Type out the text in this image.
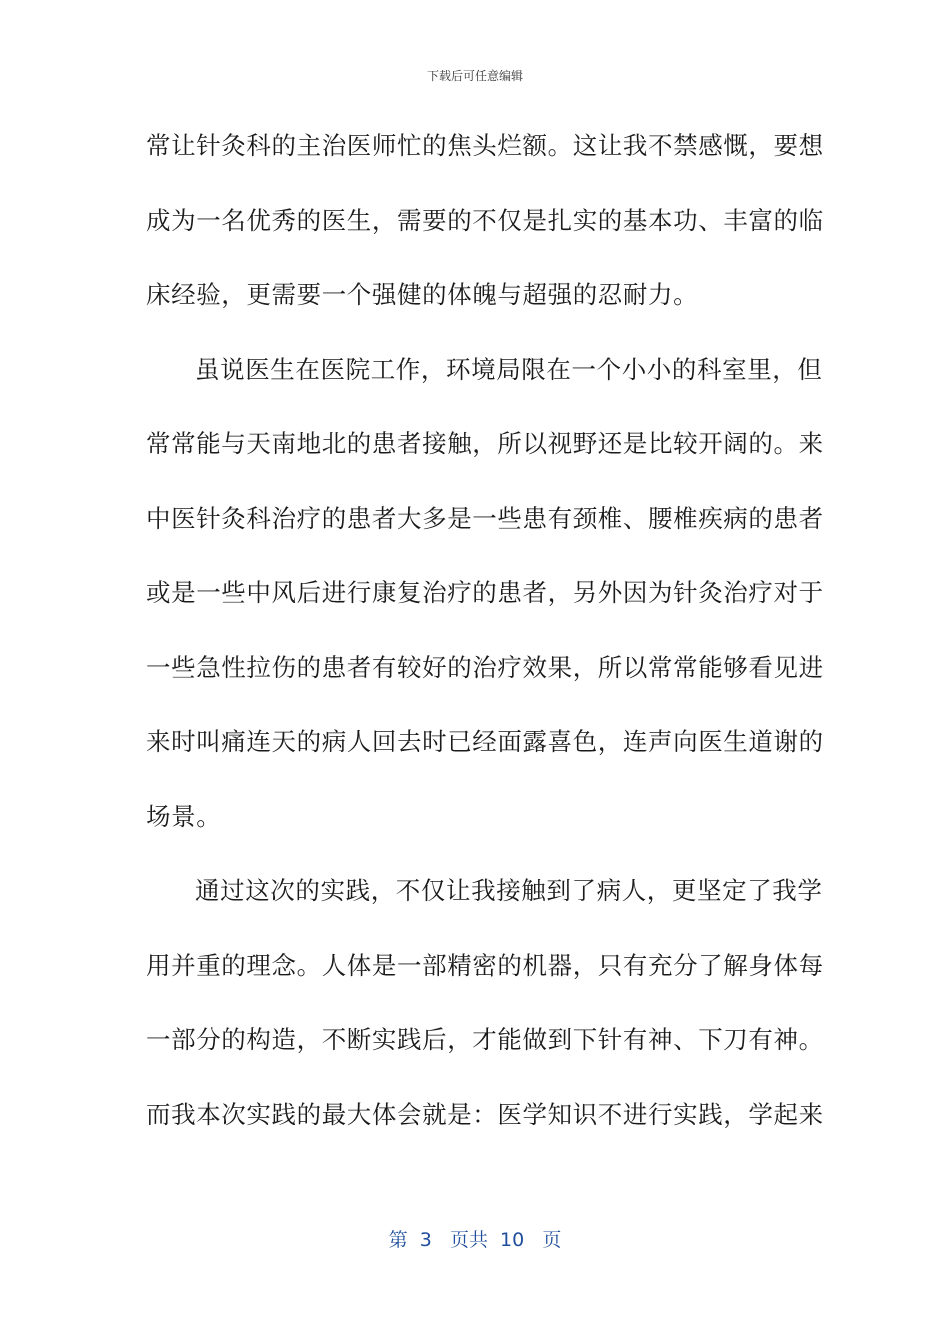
下载后可任意编辑
常让针灸科的主治医师忙的焦头烂额。这让我不禁感慨，要想
成为一名优秀的医生，需要的不仅是扎实的基本功、丰富的临
床经验，更需要一个强健的体魄与超强的忍耐力。
虽说医生在医院工作，环境局限在一个小小的科室里，但
常常能与天南地北的患者接触，所以视野还是比较开阔的。来
中医针灸科治疗的患者大多是一些患有颈椎、腰椎疾病的患者
或是一些中风后进行康复治疗的患者，另外因为针灸治疗对于
一些急性拉伤的患者有较好的治疗效果，所以常常能够看见进
来时叫痛连天的病人回去时已经面露喜色，连声向医生道谢的
场景。
通过这次的实践，不仅让我接触到了病人，更坚定了我学
用并重的理念。人体是一部精密的机器，只有充分了解身体每
一部分的构造，不断实践后，才能做到下针有神、下刀有神。
而我本次实践的最大体会就是：医学知识不进行实践，学起来
第 3 页共 10 页
